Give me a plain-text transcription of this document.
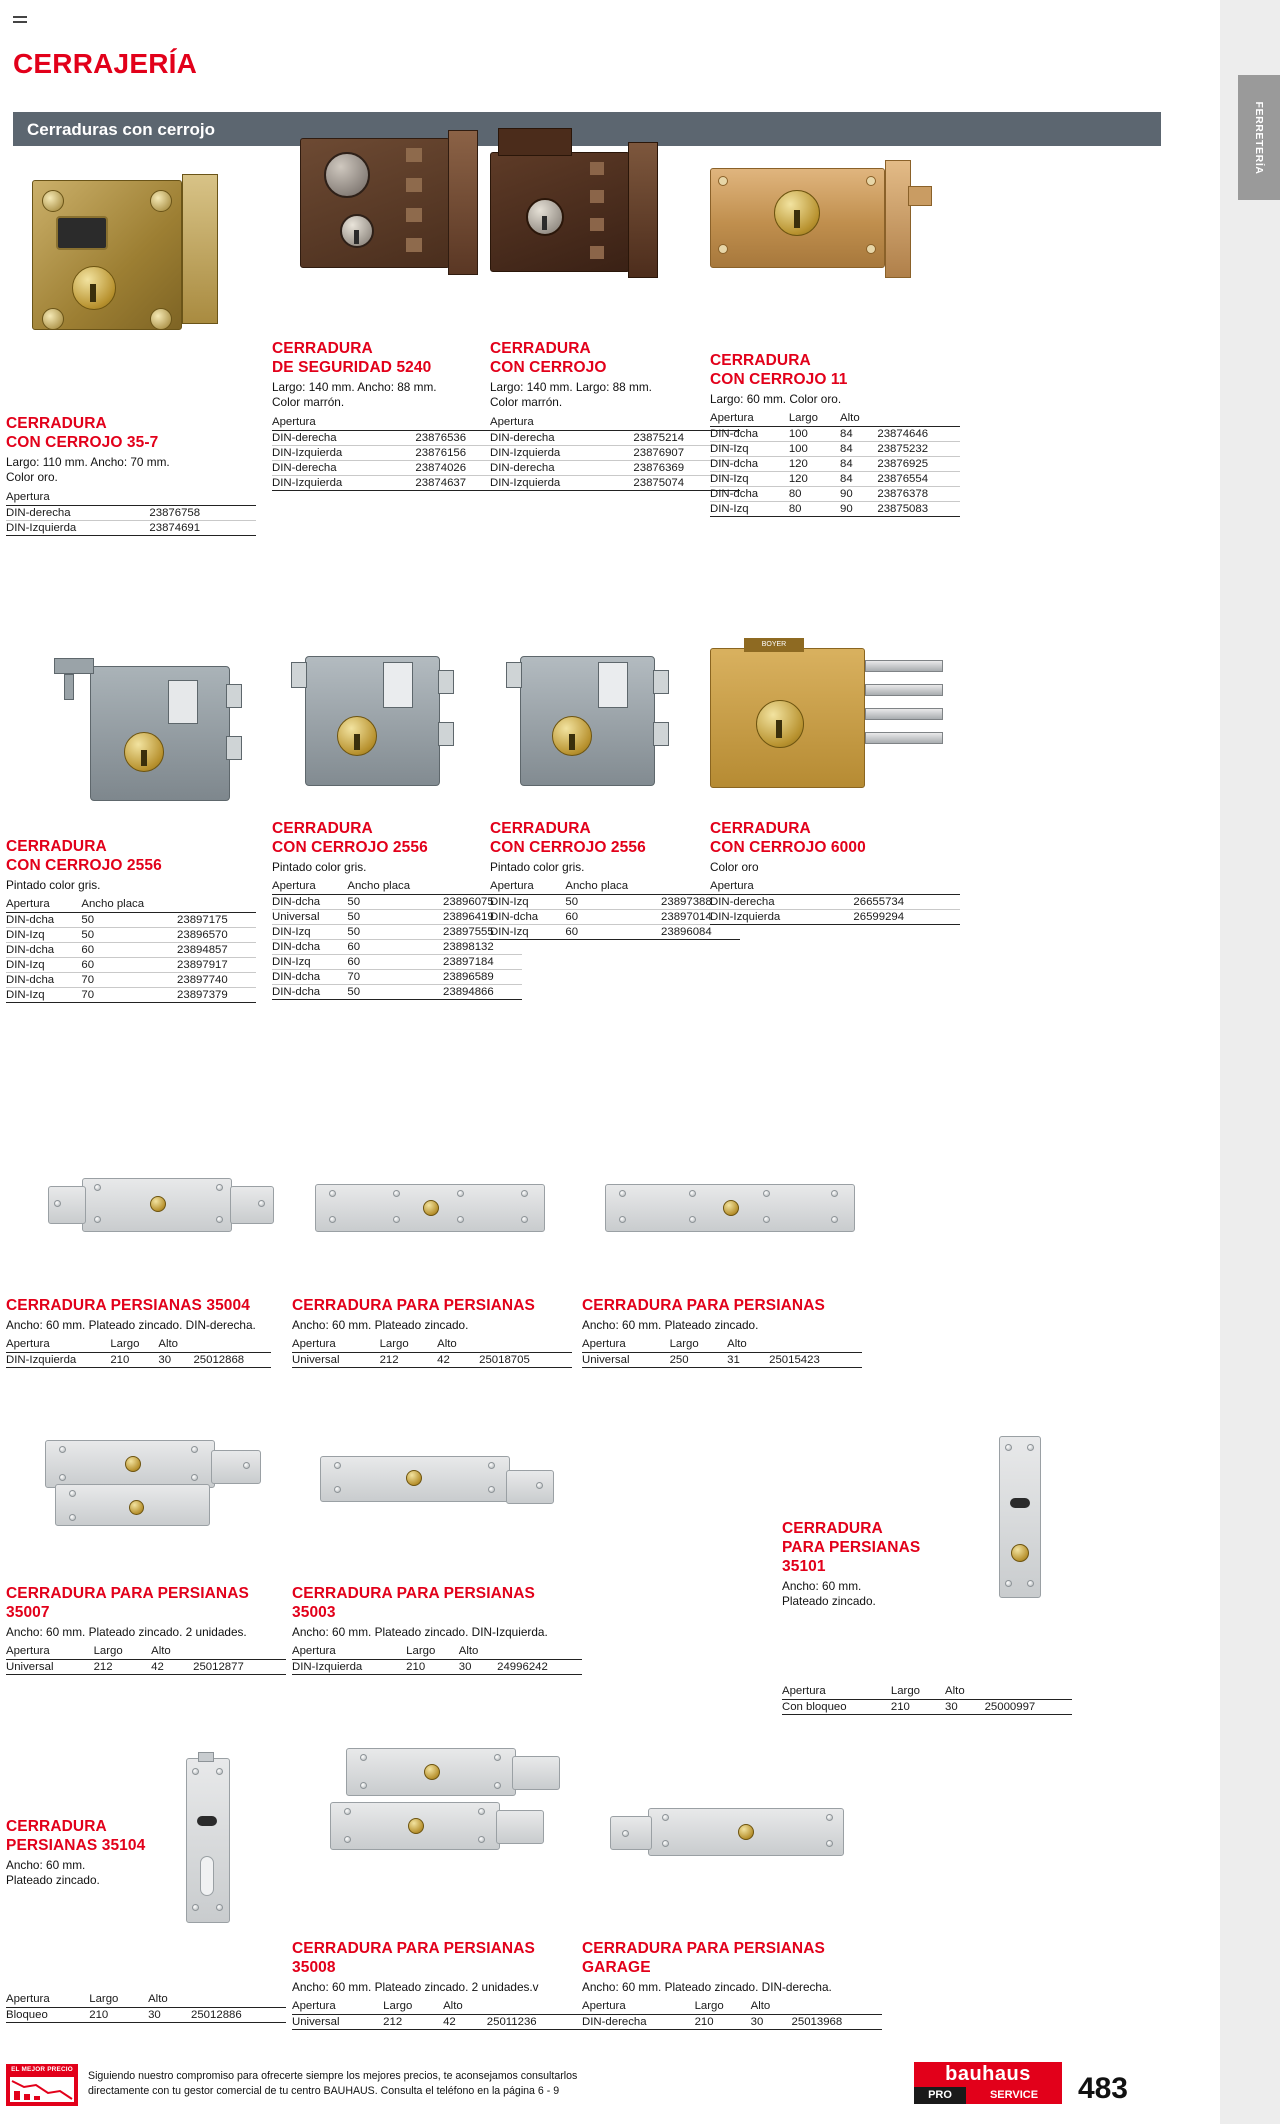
FERRETERÍA
CERRAJERÍA
Cerraduras con cerrojo
CERRADURA
CON CERROJO 35-7
Largo: 110 mm. Ancho: 70 mm.
Color oro.
Apertura	
DIN-derecha	23876758
DIN-Izquierda	23874691
CERRADURA
DE SEGURIDAD 5240
Largo: 140 mm. Ancho: 88 mm.
Color marrón.
Apertura	
DIN-derecha	23876536
DIN-Izquierda	23876156
DIN-derecha	23874026
DIN-Izquierda	23874637
CERRADURA
CON CERROJO
Largo: 140 mm. Largo: 88 mm.
Color marrón.
Apertura	
DIN-derecha	23875214
DIN-Izquierda	23876907
DIN-derecha	23876369
DIN-Izquierda	23875074
CERRADURA
CON CERROJO 11
Largo: 60 mm. Color oro.
Apertura	Largo	Alto	
DIN-dcha	100	84	23874646
DIN-Izq	100	84	23875232
DIN-dcha	120	84	23876925
DIN-Izq	120	84	23876554
DIN-dcha	80	90	23876378
DIN-Izq	80	90	23875083
CERRADURA
CON CERROJO 2556
Pintado color gris.
Apertura	Ancho placa	
DIN-dcha	50	23897175
DIN-Izq	50	23896570
DIN-dcha	60	23894857
DIN-Izq	60	23897917
DIN-dcha	70	23897740
DIN-Izq	70	23897379
CERRADURA
CON CERROJO 2556
Pintado color gris.
Apertura	Ancho placa	
DIN-dcha	50	23896075
Universal	50	23896419
DIN-Izq	50	23897555
DIN-dcha	60	23898132
DIN-Izq	60	23897184
DIN-dcha	70	23896589
DIN-dcha	50	23894866
CERRADURA
CON CERROJO 2556
Pintado color gris.
Apertura	Ancho placa	
DIN-Izq	50	23897388
DIN-dcha	60	23897014
DIN-Izq	60	23896084
BOYER
CERRADURA
CON CERROJO 6000
Color oro
Apertura	
DIN-derecha	26655734
DIN-Izquierda	26599294
CERRADURA PERSIANAS 35004
Ancho: 60 mm. Plateado zincado. DIN-derecha.
Apertura	Largo	Alto	
DIN-Izquierda	210	30	25012868
CERRADURA PARA PERSIANAS
Ancho: 60 mm. Plateado zincado.
Apertura	Largo	Alto	
Universal	212	42	25018705
CERRADURA PARA PERSIANAS
Ancho: 60 mm. Plateado zincado.
Apertura	Largo	Alto	
Universal	250	31	25015423
CERRADURA PARA PERSIANAS 35007
Ancho: 60 mm. Plateado zincado. 2 unidades.
Apertura	Largo	Alto	
Universal	212	42	25012877
CERRADURA PARA PERSIANAS 35003
Ancho: 60 mm. Plateado zincado. DIN-Izquierda.
Apertura	Largo	Alto	
DIN-Izquierda	210	30	24996242
CERRADURA
PARA PERSIANAS
35101
Ancho: 60 mm.
Plateado zincado.
Apertura	Largo	Alto	
Con bloqueo	210	30	25000997
CERRADURA
PERSIANAS 35104
Ancho: 60 mm.
Plateado zincado.
Apertura	Largo	Alto	
Bloqueo	210	30	25012886
CERRADURA PARA PERSIANAS 35008
Ancho: 60 mm. Plateado zincado. 2 unidades.v
Apertura	Largo	Alto	
Universal	212	42	25011236
CERRADURA PARA PERSIANAS GARAGE
Ancho: 60 mm. Plateado zincado. DIN-derecha.
Apertura	Largo	Alto	
DIN-derecha	210	30	25013968
EL MEJOR PRECIO
Siguiendo nuestro compromiso para ofrecerte siempre los mejores precios, te aconsejamos consultarlos directamente con tu gestor comercial de tu centro BAUHAUS. Consulta el teléfono en la página 6 - 9
bauhaus
PRO	SERVICE	483
